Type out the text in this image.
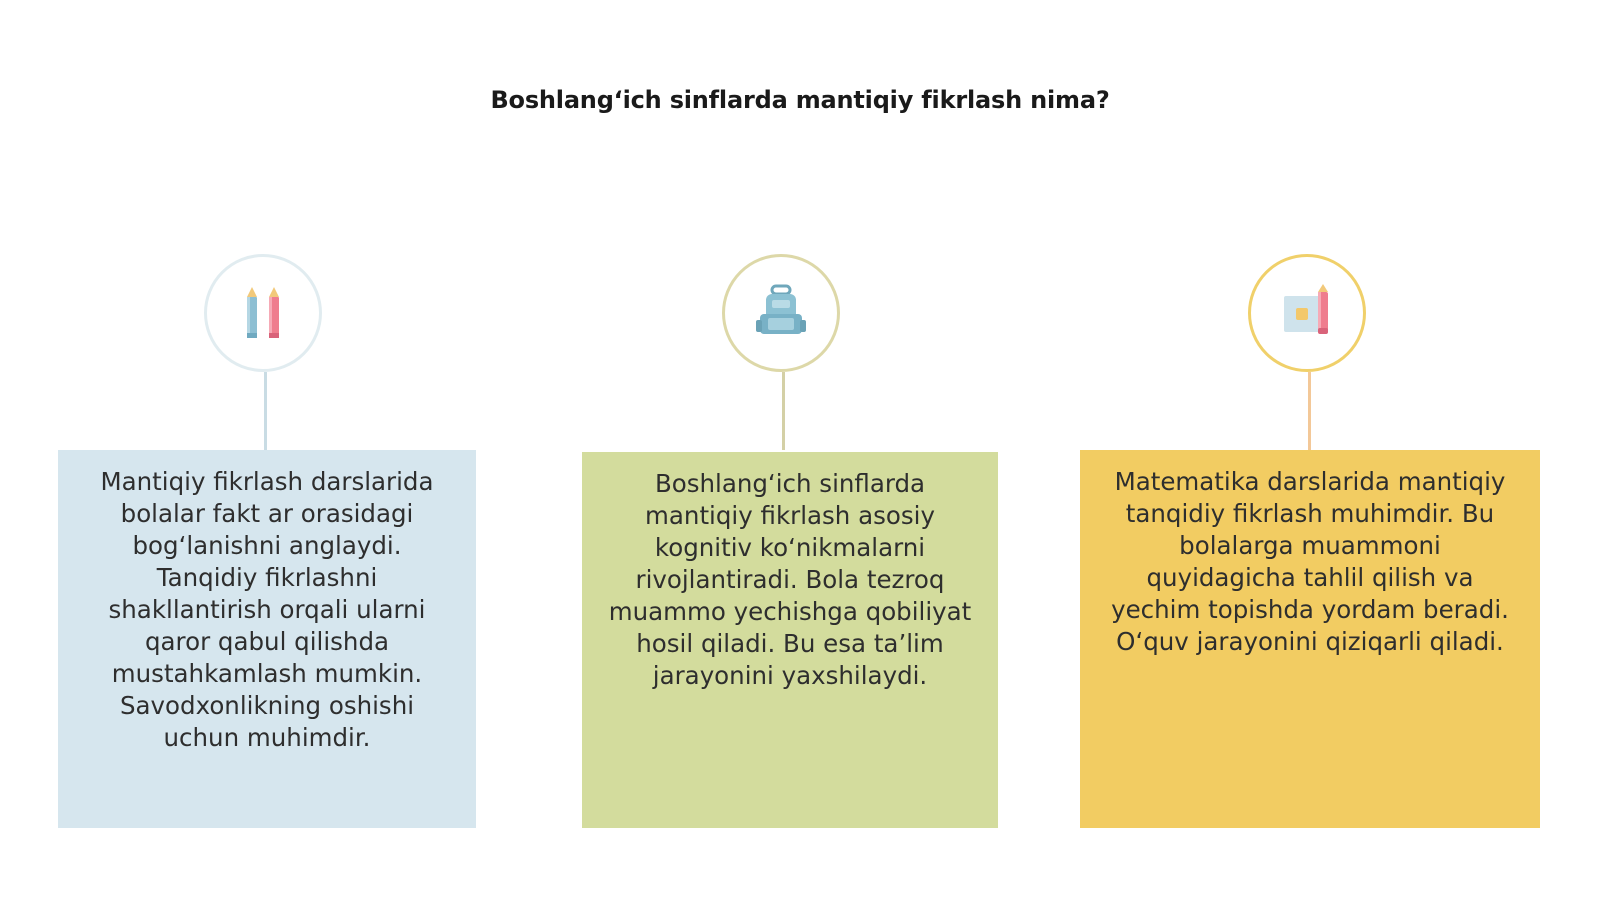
Boshlang‘ich sinflarda mantiqiy fikrlash nima?
Mantiqiy fikrlash darslarida bolalar fakt ar orasidagi bog‘lanishni anglaydi. Tanqidiy fikrlashni shakllantirish orqali ularni qaror qabul qilishda mustahkamlash mumkin. Savodxonlikning oshishi uchun muhimdir.
Boshlang‘ich sinflarda mantiqiy fikrlash asosiy kognitiv ko‘nikmalarni rivojlantiradi. Bola tezroq muammo yechishga qobiliyat hosil qiladi. Bu esa ta’lim jarayonini yaxshilaydi.
Matematika darslarida mantiqiy tanqidiy fikrlash muhimdir. Bu bolalarga muammoni quyidagicha tahlil qilish va yechim topishda yordam beradi. O‘quv jarayonini qiziqarli qiladi.
